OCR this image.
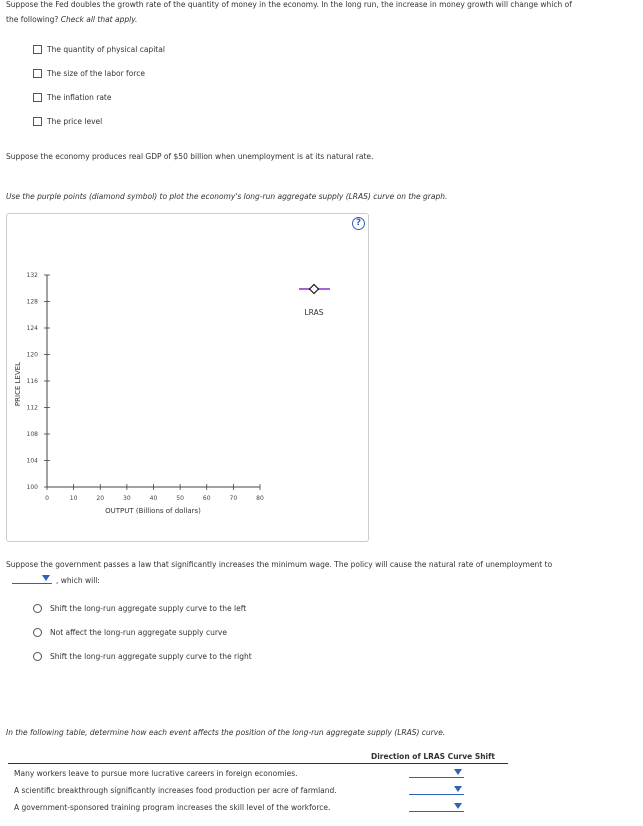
Suppose the Fed doubles the growth rate of the quantity of money in the economy. In the long run, the increase in money growth will change which of
the following? Check all that apply.
The quantity of physical capital
The size of the labor force
The inflation rate
The price level
Suppose the economy produces real GDP of $50 billion when unemployment is at its natural rate.
Use the purple points (diamond symbol) to plot the economy's long-run aggregate supply (LRAS) curve on the graph.
?
0	10	20	30	40	50	60	70	80
100
104
108
112
116
120
124
128
132
LRAS
PRICE LEVEL
OUTPUT (Billions of dollars)
Suppose the government passes a law that significantly increases the minimum wage. The policy will cause the natural rate of unemployment to
, which will:
Shift the long-run aggregate supply curve to the left
Not affect the long-run aggregate supply curve
Shift the long-run aggregate supply curve to the right
In the following table, determine how each event affects the position of the long-run aggregate supply (LRAS) curve.
Direction of LRAS Curve Shift
Many workers leave to pursue more lucrative careers in foreign economies.
A scientific breakthrough significantly increases food production per acre of farmland.
A government-sponsored training program increases the skill level of the workforce.
